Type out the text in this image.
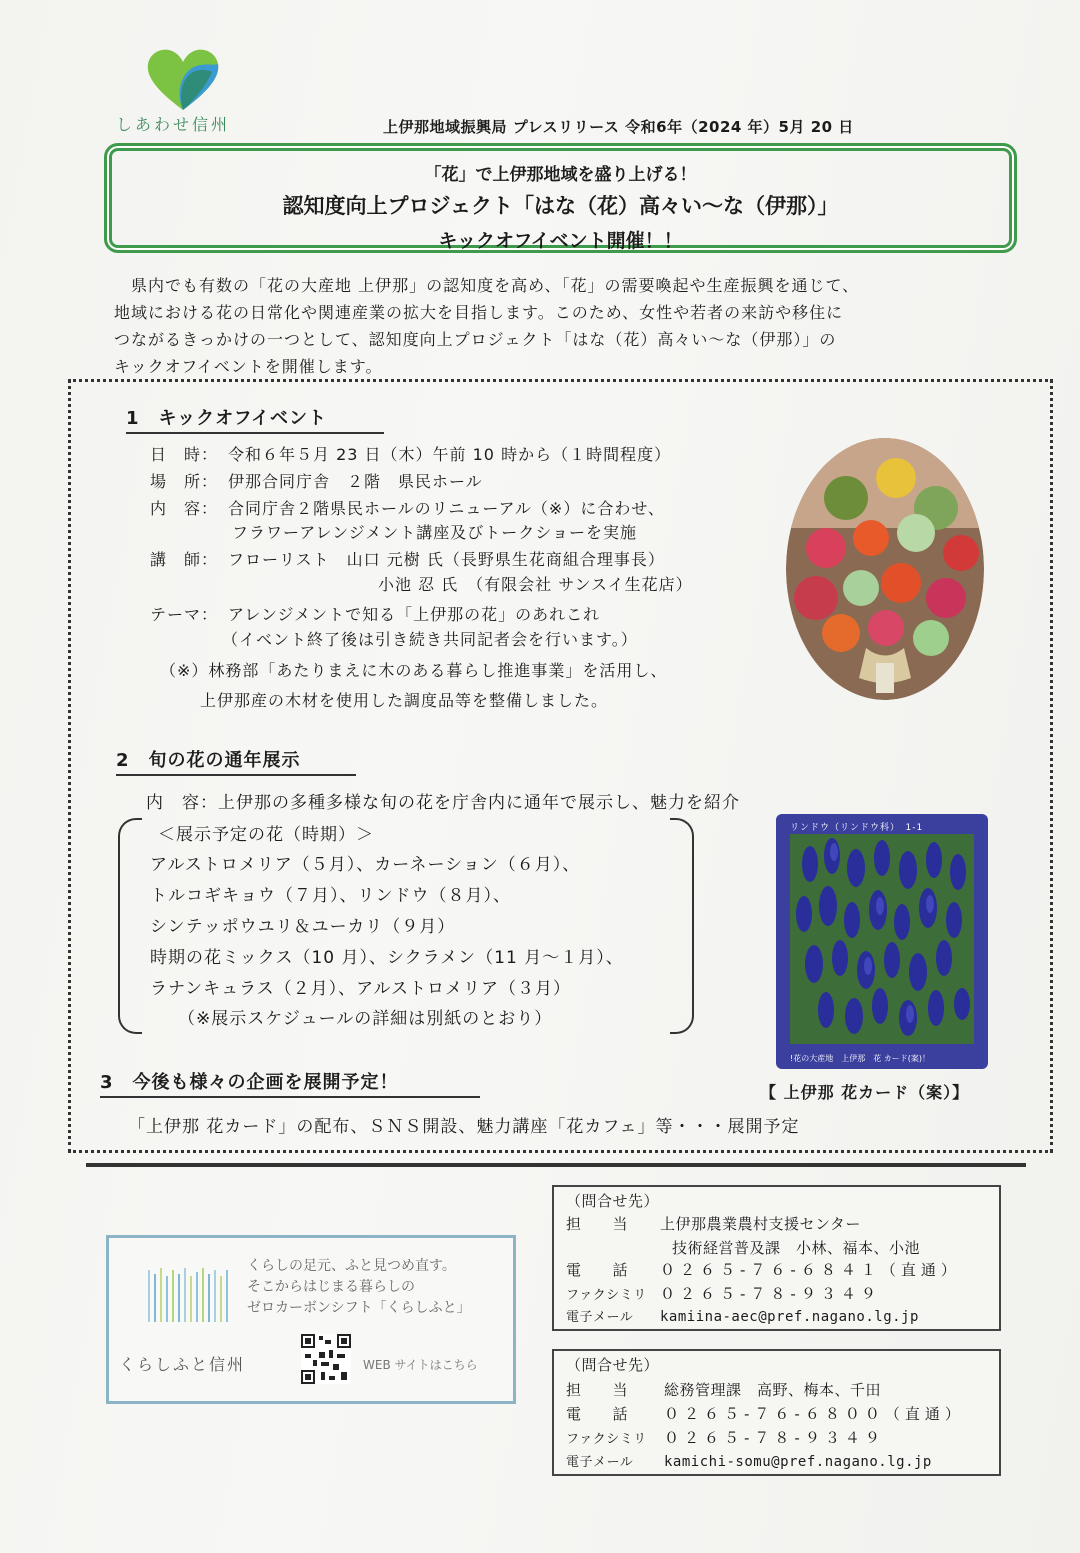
しあわせ信州	上伊那地域振興局 プレスリリース 令和6年（2024 年）5月 20 日
「花」で上伊那地域を盛り上げる！
認知度向上プロジェクト「はな（花）高々い〜な（伊那）」
キックオフイベント開催！！

　県内でも有数の「花の大産地 上伊那」の認知度を高め、「花」の需要喚起や生産振興を通じて、

地域における花の日常化や関連産業の拡大を目指します。このため、女性や若者の来訪や移住に

つながるきっかけの一つとして、認知度向上プロジェクト「はな（花）高々い〜な（伊那）」の

キックオフイベントを開催します。

1　キックオフイベント
日　時： 令和６年５月 23 日（木）午前 10 時から（１時間程度）
場　所： 伊那合同庁舎　２階　県民ホール
内　容： 合同庁舎２階県民ホールのリニューアル（※）に合わせ、
フラワーアレンジメント講座及びトークショーを実施
講　師： フローリスト　山口 元樹 氏（長野県生花商組合理事長）
小池 忍 氏　（有限会社 サンスイ生花店）
テーマ： アレンジメントで知る「上伊那の花」のあれこれ
（イベント終了後は引き続き共同記者会を行います。）
（※）林務部「あたりまえに木のある暮らし推進事業」を活用し、
上伊那産の木材を使用した調度品等を整備しました。
2　旬の花の通年展示
内　容：上伊那の多種多様な旬の花を庁舎内に通年で展示し、魅力を紹介
＜展示予定の花（時期）＞
アルストロメリア（５月）、カーネーション（６月）、
トルコギキョウ（７月）、リンドウ（８月）、
シンテッポウユリ＆ユーカリ（９月）
時期の花ミックス（10 月）、シクラメン（11 月〜１月）、
ラナンキュラス（２月）、アルストロメリア（３月）
（※展示スケジュールの詳細は別紙のとおり）
リンドウ（リンドウ科）　1-1
!花の大産地　上伊那　花 カード(案)！
【 上伊那 花カード（案）】
3　今後も様々の企画を展開予定！
「上伊那 花カード」の配布、ＳＮＳ開設、魅力講座「花カフェ」等・・・展開予定
くらしの足元、ふと見つめ直す。
そこからはじまる暮らしの
ゼロカーボンシフト「くらしふと」
くらしふと信州	WEB サイトはこちら
（問合せ先）
担　　当 上伊那農業農村支援センター
技術経営普及課　小林、福本、小池
電　　話 ０２６５-７６-６８４１（直通）
ファクシミリ ０２６５-７８-９３４９
電子メール kamiina-aec@pref.nagano.lg.jp
（問合せ先）
担　　当 総務管理課　高野、梅本、千田
電　　話 ０２６５-７６-６８００（直通）
ファクシミリ ０２６５-７８-９３４９
電子メール kamichi-somu@pref.nagano.lg.jp
